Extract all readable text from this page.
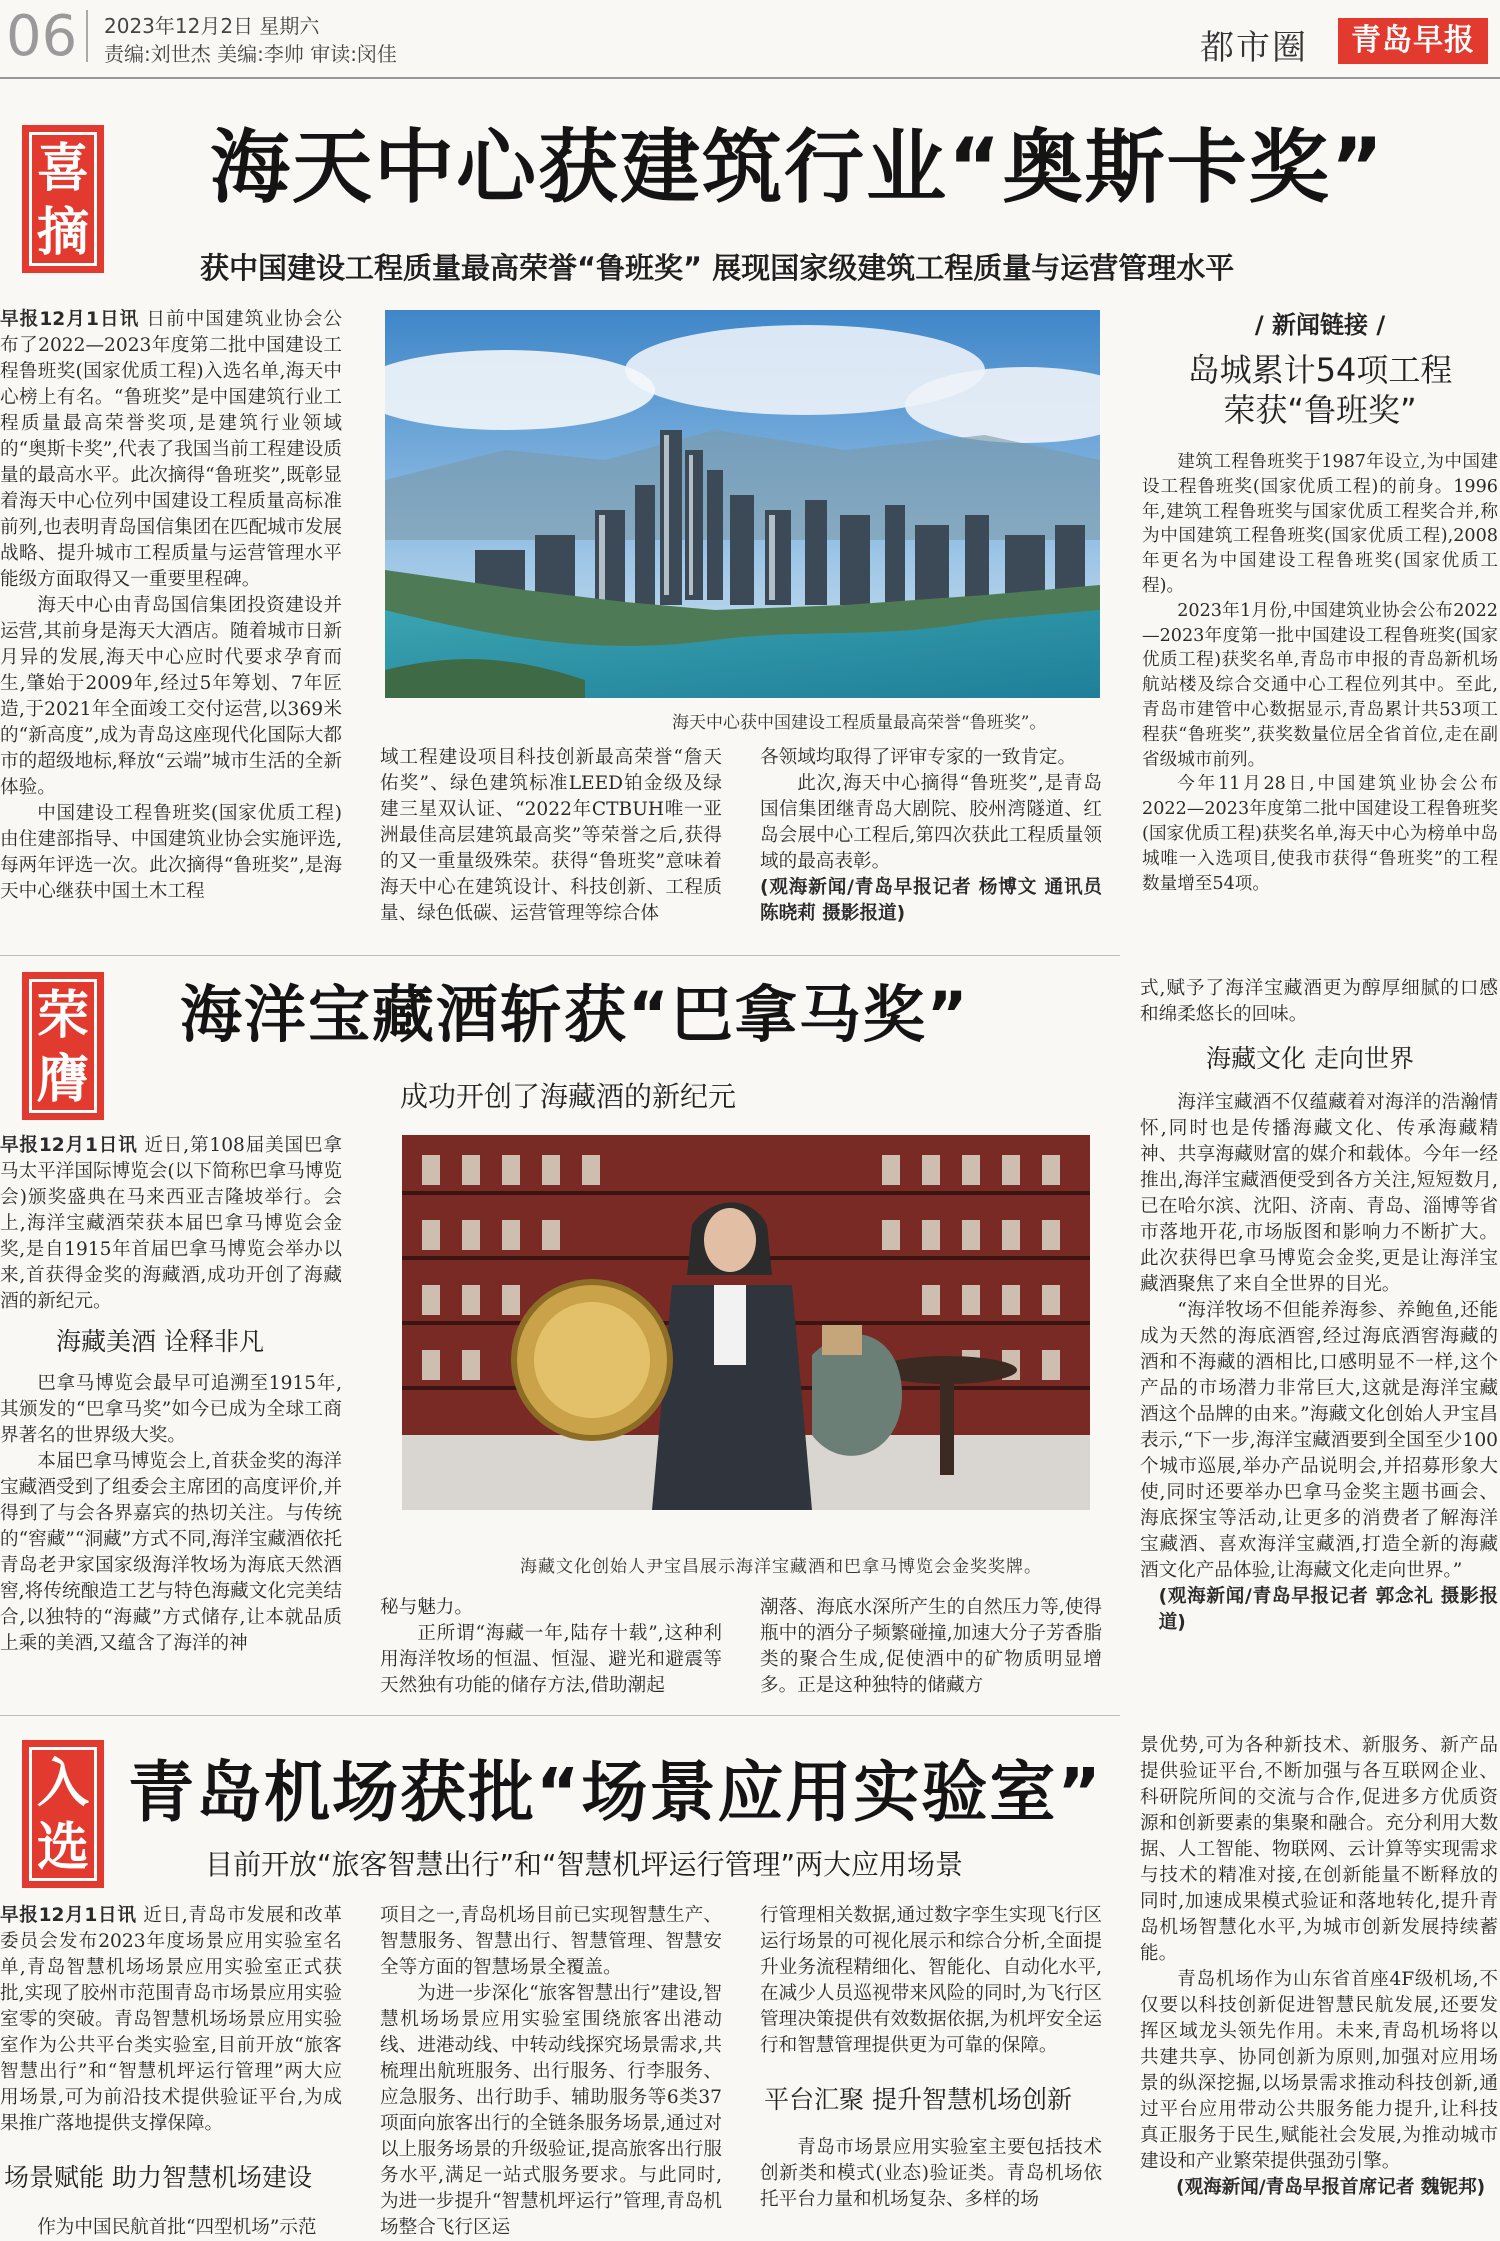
06 2023年12月2日 星期六
责编:刘世杰 美编:李帅 审读:闵佳	都市圈	青岛早报
喜摘
海天中心获建筑行业“奥斯卡奖”
获中国建设工程质量最高荣誉“鲁班奖” 展现国家级建筑工程质量与运营管理水平

早报12月1日讯 日前中国建筑业协会公布了2022—2023年度第二批中国建设工程鲁班奖(国家优质工程)入选名单,海天中心榜上有名。“鲁班奖”是中国建筑行业工程质量最高荣誉奖项,是建筑行业领域的“奥斯卡奖”,代表了我国当前工程建设质量的最高水平。此次摘得“鲁班奖”,既彰显着海天中心位列中国建设工程质量高标准前列,也表明青岛国信集团在匹配城市发展战略、提升城市工程质量与运营管理水平能级方面取得又一重要里程碑。

海天中心由青岛国信集团投资建设并运营,其前身是海天大酒店。随着城市日新月异的发展,海天中心应时代要求孕育而生,肇始于2009年,经过5年筹划、7年匠造,于2021年全面竣工交付运营,以369米的“新高度”,成为青岛这座现代化国际大都市的超级地标,释放“云端”城市生活的全新体验。

中国建设工程鲁班奖(国家优质工程)由住建部指导、中国建筑业协会实施评选,每两年评选一次。此次摘得“鲁班奖”,是海天中心继获中国土木工程

海天中心获中国建设工程质量最高荣誉“鲁班奖”。

域工程建设项目科技创新最高荣誉“詹天佑奖”、绿色建筑标准LEED铂金级及绿建三星双认证、“2022年CTBUH唯一亚洲最佳高层建筑最高奖”等荣誉之后,获得的又一重量级殊荣。获得“鲁班奖”意味着海天中心在建筑设计、科技创新、工程质量、绿色低碳、运营管理等综合体

各领域均取得了评审专家的一致肯定。

此次,海天中心摘得“鲁班奖”,是青岛国信集团继青岛大剧院、胶州湾隧道、红岛会展中心工程后,第四次获此工程质量领域的最高表彰。

(观海新闻/青岛早报记者 杨博文 通讯员 陈晓莉 摄影报道)

/ 新闻链接 /
岛城累计54项工程
荣获“鲁班奖”

建筑工程鲁班奖于1987年设立,为中国建设工程鲁班奖(国家优质工程)的前身。1996年,建筑工程鲁班奖与国家优质工程奖合并,称为中国建筑工程鲁班奖(国家优质工程),2008年更名为中国建设工程鲁班奖(国家优质工程)。

2023年1月份,中国建筑业协会公布2022—2023年度第一批中国建设工程鲁班奖(国家优质工程)获奖名单,青岛市申报的青岛新机场航站楼及综合交通中心工程位列其中。至此,青岛市建管中心数据显示,青岛累计共53项工程获“鲁班奖”,获奖数量位居全省首位,走在副省级城市前列。

今年11月28日,中国建筑业协会公布2022—2023年度第二批中国建设工程鲁班奖(国家优质工程)获奖名单,海天中心为榜单中岛城唯一入选项目,使我市获得“鲁班奖”的工程数量增至54项。

荣膺
海洋宝藏酒斩获“巴拿马奖”
成功开创了海藏酒的新纪元

早报12月1日讯 近日,第108届美国巴拿马太平洋国际博览会(以下简称巴拿马博览会)颁奖盛典在马来西亚吉隆坡举行。会上,海洋宝藏酒荣获本届巴拿马博览会金奖,是自1915年首届巴拿马博览会举办以来,首获得金奖的海藏酒,成功开创了海藏酒的新纪元。

海藏美酒 诠释非凡

巴拿马博览会最早可追溯至1915年,其颁发的“巴拿马奖”如今已成为全球工商界著名的世界级大奖。

本届巴拿马博览会上,首获金奖的海洋宝藏酒受到了组委会主席团的高度评价,并得到了与会各界嘉宾的热切关注。与传统的“窖藏”“洞藏”方式不同,海洋宝藏酒依托青岛老尹家国家级海洋牧场为海底天然酒窖,将传统酿造工艺与特色海藏文化完美结合,以独特的“海藏”方式储存,让本就品质上乘的美酒,又蕴含了海洋的神

海藏文化创始人尹宝昌展示海洋宝藏酒和巴拿马博览会金奖奖牌。

秘与魅力。

正所谓“海藏一年,陆存十载”,这种利用海洋牧场的恒温、恒湿、避光和避震等天然独有功能的储存方法,借助潮起

潮落、海底水深所产生的自然压力等,使得瓶中的酒分子频繁碰撞,加速大分子芳香脂类的聚合生成,促使酒中的矿物质明显增多。正是这种独特的储藏方

式,赋予了海洋宝藏酒更为醇厚细腻的口感和绵柔悠长的回味。

海藏文化 走向世界

海洋宝藏酒不仅蕴藏着对海洋的浩瀚情怀,同时也是传播海藏文化、传承海藏精神、共享海藏财富的媒介和载体。今年一经推出,海洋宝藏酒便受到各方关注,短短数月,已在哈尔滨、沈阳、济南、青岛、淄博等省市落地开花,市场版图和影响力不断扩大。此次获得巴拿马博览会金奖,更是让海洋宝藏酒聚焦了来自全世界的目光。

“海洋牧场不但能养海参、养鲍鱼,还能成为天然的海底酒窖,经过海底酒窖海藏的酒和不海藏的酒相比,口感明显不一样,这个产品的市场潜力非常巨大,这就是海洋宝藏酒这个品牌的由来。”海藏文化创始人尹宝昌表示,“下一步,海洋宝藏酒要到全国至少100个城市巡展,举办产品说明会,并招募形象大使,同时还要举办巴拿马金奖主题书画会、海底探宝等活动,让更多的消费者了解海洋宝藏酒、喜欢海洋宝藏酒,打造全新的海藏酒文化产品体验,让海藏文化走向世界。”

(观海新闻/青岛早报记者 郭念礼 摄影报道)

入选
青岛机场获批“场景应用实验室”
目前开放“旅客智慧出行”和“智慧机坪运行管理”两大应用场景

早报12月1日讯 近日,青岛市发展和改革委员会发布2023年度场景应用实验室名单,青岛智慧机场场景应用实验室正式获批,实现了胶州市范围青岛市场景应用实验室零的突破。青岛智慧机场场景应用实验室作为公共平台类实验室,目前开放“旅客智慧出行”和“智慧机坪运行管理”两大应用场景,可为前沿技术提供验证平台,为成果推广落地提供支撑保障。

场景赋能 助力智慧机场建设

作为中国民航首批“四型机场”示范

项目之一,青岛机场目前已实现智慧生产、智慧服务、智慧出行、智慧管理、智慧安全等方面的智慧场景全覆盖。

为进一步深化“旅客智慧出行”建设,智慧机场场景应用实验室围绕旅客出港动线、进港动线、中转动线探究场景需求,共梳理出航班服务、出行服务、行李服务、应急服务、出行助手、辅助服务等6类37项面向旅客出行的全链条服务场景,通过对以上服务场景的升级验证,提高旅客出行服务水平,满足一站式服务要求。与此同时,为进一步提升“智慧机坪运行”管理,青岛机场整合飞行区运

行管理相关数据,通过数字孪生实现飞行区运行场景的可视化展示和综合分析,全面提升业务流程精细化、智能化、自动化水平,在减少人员巡视带来风险的同时,为飞行区管理决策提供有效数据依据,为机坪安全运行和智慧管理提供更为可靠的保障。

平台汇聚 提升智慧机场创新

青岛市场景应用实验室主要包括技术创新类和模式(业态)验证类。青岛机场依托平台力量和机场复杂、多样的场

景优势,可为各种新技术、新服务、新产品提供验证平台,不断加强与各互联网企业、科研院所间的交流与合作,促进多方优质资源和创新要素的集聚和融合。充分利用大数据、人工智能、物联网、云计算等实现需求与技术的精准对接,在创新能量不断释放的同时,加速成果模式验证和落地转化,提升青岛机场智慧化水平,为城市创新发展持续蓄能。

青岛机场作为山东省首座4F级机场,不仅要以科技创新促进智慧民航发展,还要发挥区域龙头领先作用。未来,青岛机场将以共建共享、协同创新为原则,加强对应用场景的纵深挖掘,以场景需求推动科技创新,通过平台应用带动公共服务能力提升,让科技真正服务于民生,赋能社会发展,为推动城市建设和产业繁荣提供强劲引擎。

(观海新闻/青岛早报首席记者 魏铌邦)
